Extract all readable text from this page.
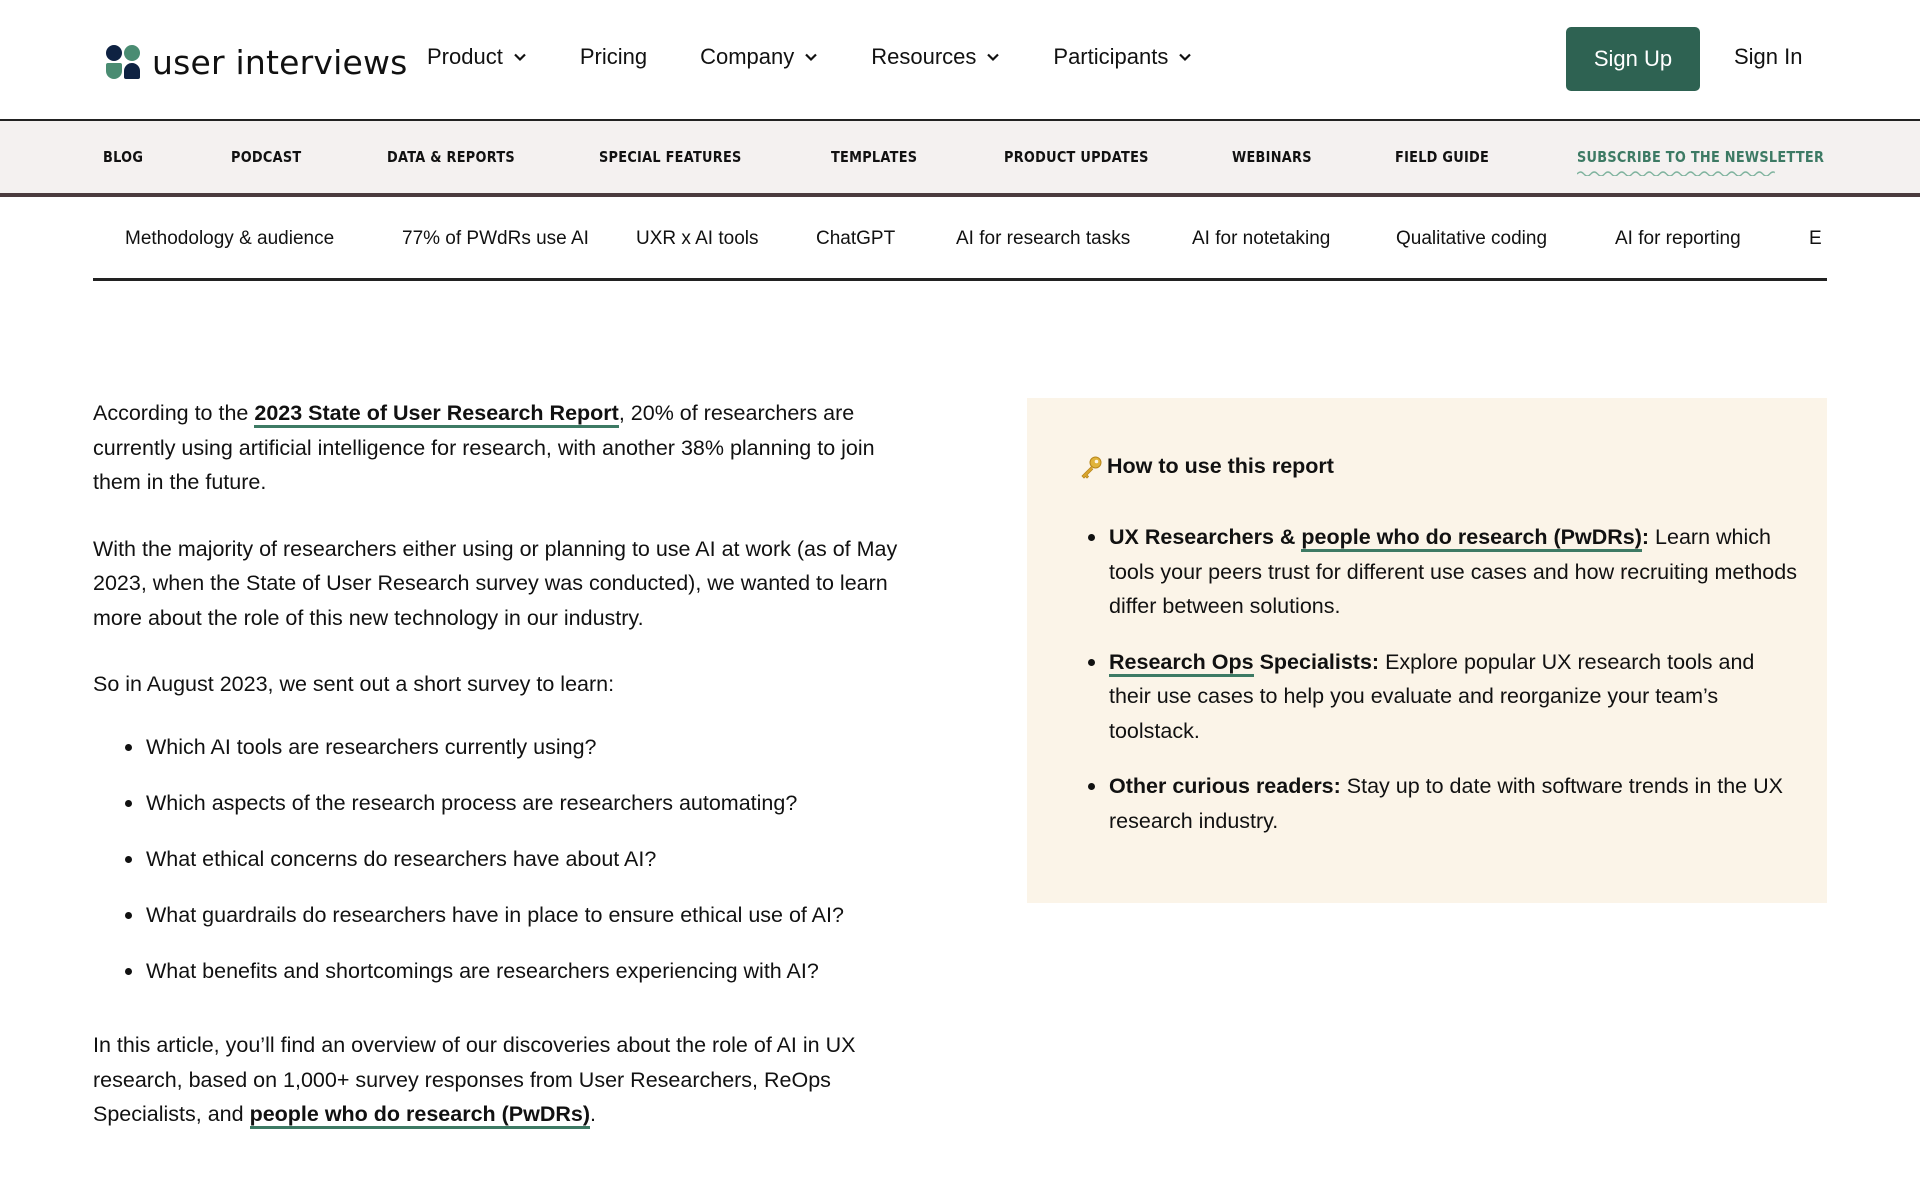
user interviews Product	Pricing Company	Resources	Participants	Sign Up	Sign In
BLOG	PODCAST	DATA & REPORTS	SPECIAL FEATURES	TEMPLATES	PRODUCT UPDATES	WEBINARS	FIELD GUIDE	SUBSCRIBE TO THE NEWSLETTER
Methodology & audience	77% of PWdRs use AI UXR x AI tools	ChatGPT	AI for research tasks	AI for notetaking	Qualitative coding	AI for reporting	E

According to the 2023 State of User Research Report, 20% of researchers are currently using artificial intelligence for research, with another 38% planning to join them in the future.

With the majority of researchers either using or planning to use AI at work (as of May 2023, when the State of User Research survey was conducted), we wanted to learn more about the role of this new technology in our industry.

So in August 2023, we sent out a short survey to learn:

Which AI tools are researchers currently using?
Which aspects of the research process are researchers automating?
What ethical concerns do researchers have about AI?
What guardrails do researchers have in place to ensure ethical use of AI?
What benefits and shortcomings are researchers experiencing with AI?

In this article, you’ll find an overview of our discoveries about the role of AI in UX research, based on 1,000+ survey responses from User Researchers, ReOps Specialists, and people who do research (PwDRs).

How to use this report
UX Researchers & people who do research (PwDRs): Learn which tools your peers trust for different use cases and how recruiting methods differ between solutions.
Research Ops Specialists: Explore popular UX research tools and their use cases to help you evaluate and reorganize your team’s toolstack.
Other curious readers: Stay up to date with software trends in the UX research industry.
